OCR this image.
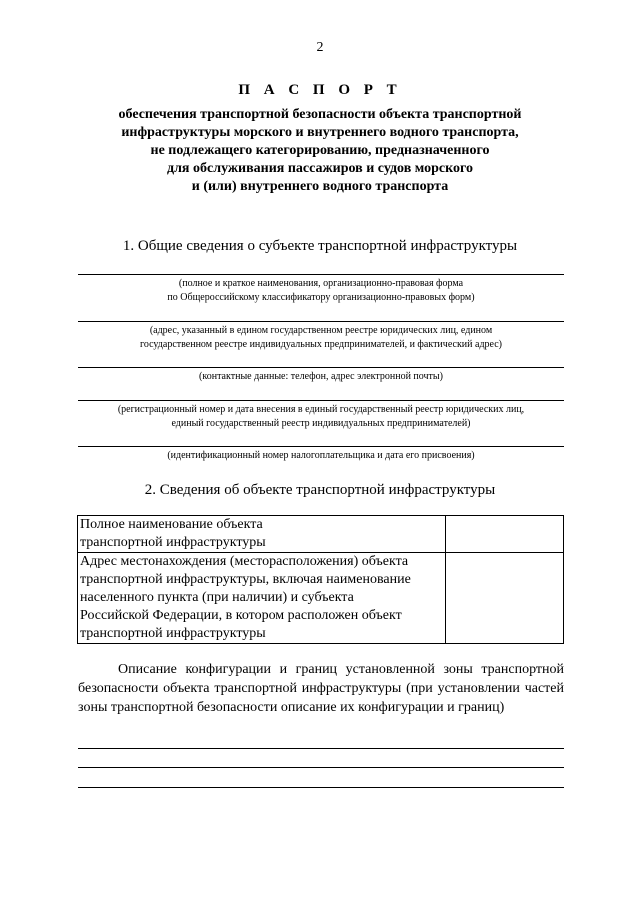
2
П А С П О Р Т
обеспечения транспортной безопасности объекта транспортной
инфраструктуры морского и внутреннего водного транспорта,
не подлежащего категорированию, предназначенного
для обслуживания пассажиров и судов морского
и (или) внутреннего водного транспорта
1. Общие сведения о субъекте транспортной инфраструктуры
(полное и краткое наименования, организационно-правовая форма
по Общероссийскому классификатору организационно-правовых форм)
(адрес, указанный в едином государственном реестре юридических лиц, едином
государственном реестре индивидуальных предпринимателей, и фактический адрес)
(контактные данные: телефон, адрес электронной почты)
(регистрационный номер и дата внесения в единый государственный реестр юридических лиц,
единый государственный реестр индивидуальных предпринимателей)
(идентификационный номер налогоплательщика и дата его присвоения)
2. Сведения об объекте транспортной инфраструктуры
Полное наименование объекта
транспортной инфраструктуры	

Адрес местонахождения (месторасположения) объекта
транспортной инфраструктуры, включая наименование
населенного пункта (при наличии) и субъекта
Российской Федерации, в котором расположен объект
транспортной инфраструктуры	

Описание конфигурации и границ установленной зоны транспортной безопасности объекта транспортной инфраструктуры (при установлении частей зоны транспортной безопасности описание их конфигурации и границ)
